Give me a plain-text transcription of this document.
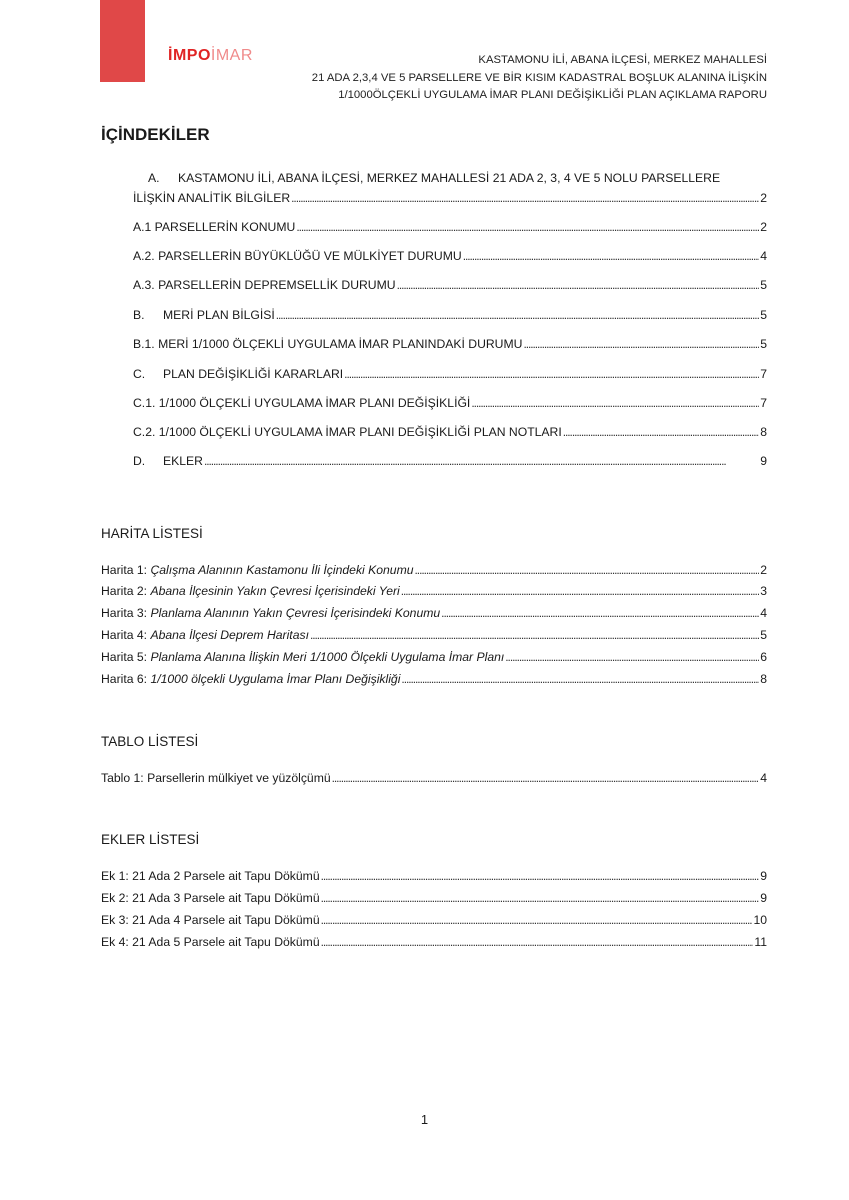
İMPOİMAR	KASTAMONU İLİ, ABANA İLÇESİ, MERKEZ MAHALLESİ
21 ADA 2,3,4 VE 5 PARSELLERE VE BİR KISIM KADASTRAL BOŞLUK ALANINA İLİŞKİN
1/1000ÖLÇEKLİ UYGULAMA İMAR PLANI DEĞİŞİKLİĞİ PLAN AÇIKLAMA RAPORU
İÇİNDEKİLER
A. KASTAMONU İLİ, ABANA İLÇESİ, MERKEZ MAHALLESİ 21 ADA 2, 3, 4 VE 5 NOLU PARSELLERE
İLİŞKİN ANALİTİK BİLGİLER . . .	2
A.1 PARSELLERİN KONUMU . . .	2
A.2. PARSELLERİN BÜYÜKLÜĞÜ VE MÜLKİYET DURUMU . . .	4
A.3. PARSELLERİN DEPREMSELLİK DURUMU . . .	5
B. MERİ PLAN BİLGİSİ . . .	5
B.1. MERİ 1/1000 ÖLÇEKLİ UYGULAMA İMAR PLANINDAKİ DURUMU . . .	5
C. PLAN DEĞİŞİKLİĞİ KARARLARI . . .	7
C.1. 1/1000 ÖLÇEKLİ UYGULAMA İMAR PLANI DEĞİŞİKLİĞİ . . .	7
C.2. 1/1000 ÖLÇEKLİ UYGULAMA İMAR PLANI DEĞİŞİKLİĞİ PLAN NOTLARI . . .	8
D. EKLER . . .	9
HARİTA LİSTESİ
Harita 1: Çalışma Alanının Kastamonu İli İçindeki Konumu . . .	2
Harita 2: Abana İlçesinin Yakın Çevresi İçerisindeki Yeri . . .	3
Harita 3: Planlama Alanının Yakın Çevresi İçerisindeki Konumu . . .	4
Harita 4: Abana İlçesi Deprem Haritası . . .	5
Harita 5: Planlama Alanına İlişkin Meri 1/1000 Ölçekli Uygulama İmar Planı . . .	6
Harita 6: 1/1000 ölçekli Uygulama İmar Planı Değişikliği . . .	8
TABLO LİSTESİ
Tablo 1: Parsellerin mülkiyet ve yüzölçümü . . .	4
EKLER LİSTESİ
Ek 1: 21 Ada 2 Parsele ait Tapu Dökümü . . .	9
Ek 2: 21 Ada 3 Parsele ait Tapu Dökümü . . .	9
Ek 3: 21 Ada 4 Parsele ait Tapu Dökümü . . .	10
Ek 4: 21 Ada 5 Parsele ait Tapu Dökümü . . .	11
1
